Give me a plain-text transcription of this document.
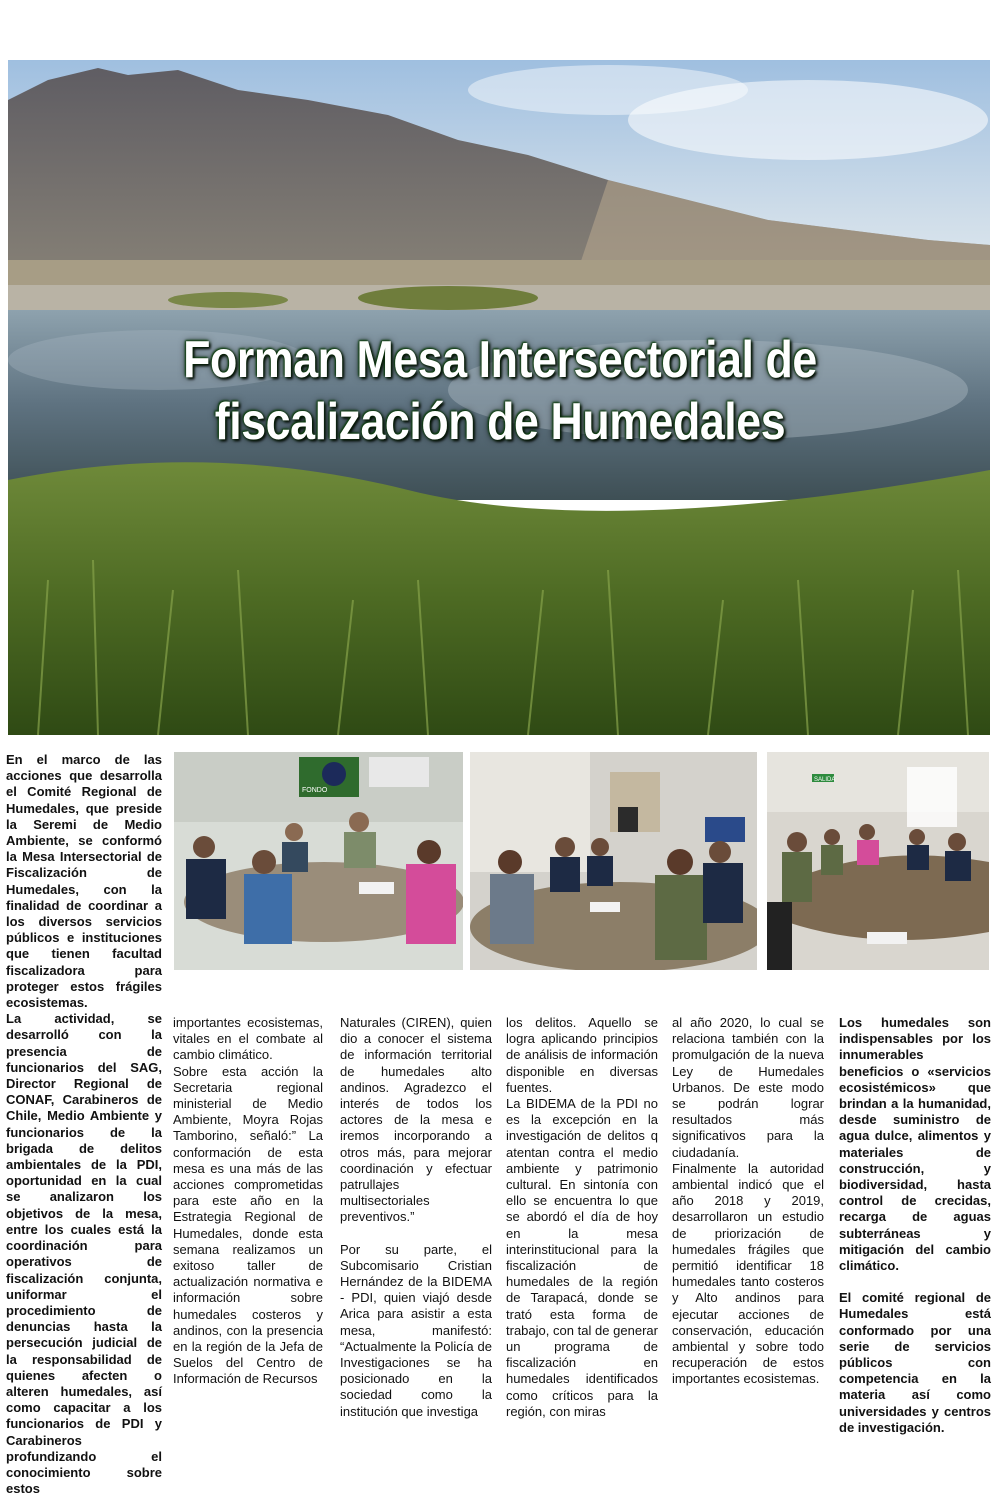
Forman Mesa Intersectorial de
fiscalización de Humedales
FONDO
SALIDA

En el marco de las acciones que desarrolla el Comité Regional de Humedales, que preside la Seremi de Medio Ambiente, se conformó la Mesa Intersectorial de Fiscalización de Humedales, con la finalidad de coordinar a los diversos servicios públicos e instituciones que tienen facultad fiscalizadora para proteger estos frágiles ecosistemas.

La actividad, se desarrolló con la presencia de funcionarios del SAG, Director Regional de CONAF, Carabineros de Chile, Medio Ambiente y funcionarios de la brigada de delitos ambientales de la PDI, oportunidad en la cual se analizaron los objetivos de la mesa, entre los cuales está la coordinación para operativos de fiscalización conjunta, uniformar el procedimiento de denuncias hasta la persecución judicial de la responsabilidad de quienes afecten o alteren humedales, así como capacitar a los funcionarios de PDI y Carabineros profundizando el conocimiento sobre estos

importantes ecosistemas, vitales en el combate al cambio climático.

Sobre esta acción la Secretaria regional ministerial de Medio Ambiente, Moyra Rojas Tamborino, señaló:” La conformación de esta mesa es una más de las acciones comprometidas para este año en la Estrategia Regional de Humedales, donde esta semana realizamos un exitoso taller de actualización normativa e información sobre humedales costeros y andinos, con la presencia en la región de la Jefa de Suelos del Centro de Información de Recursos

Naturales (CIREN), quien dio a conocer el sistema de información territorial de humedales alto andinos. Agradezco el interés de todos los actores de la mesa e iremos incorporando a otros más, para mejorar coordinación y efectuar patrullajes multisectoriales preventivos.”

Por su parte, el Subcomisario Cristian Hernández de la BIDEMA - PDI, quien viajó desde Arica para asistir a esta mesa, manifestó: “Actualmente la Policía de Investigaciones se ha posicionado en la sociedad como la institución que investiga

los delitos. Aquello se logra aplicando principios de análisis de información disponible en diversas fuentes.

La BIDEMA de la PDI no es la excepción en la investigación de delitos q atentan contra el medio ambiente y patrimonio cultural. En sintonía con ello se encuentra lo que se abordó el día de hoy en la mesa interinstitucional para la fiscalización de humedales de la región de Tarapacá, donde se trató esta forma de trabajo, con tal de generar un programa de fiscalización en humedales identificados como críticos para la región, con miras

al año 2020, lo cual se relaciona también con la promulgación de la nueva Ley de Humedales Urbanos. De este modo se podrán lograr resultados más significativos para la ciudadanía.

Finalmente la autoridad ambiental indicó que el año 2018 y 2019, desarrollaron un estudio de priorización de humedales frágiles que permitió identificar 18 humedales tanto costeros y Alto andinos para ejecutar acciones de conservación, educación ambiental y sobre todo recuperación de estos importantes ecosistemas.

Los humedales son indispensables por los innumerables beneficios o «servicios ecosistémicos» que brindan a la humanidad, desde suministro de agua dulce, alimentos y materiales de construcción, y biodiversidad, hasta control de crecidas, recarga de aguas subterráneas y mitigación del cambio climático.

El comité regional de Humedales está conformado por una serie de servicios públicos con competencia en la materia así como universidades y centros de investigación.
